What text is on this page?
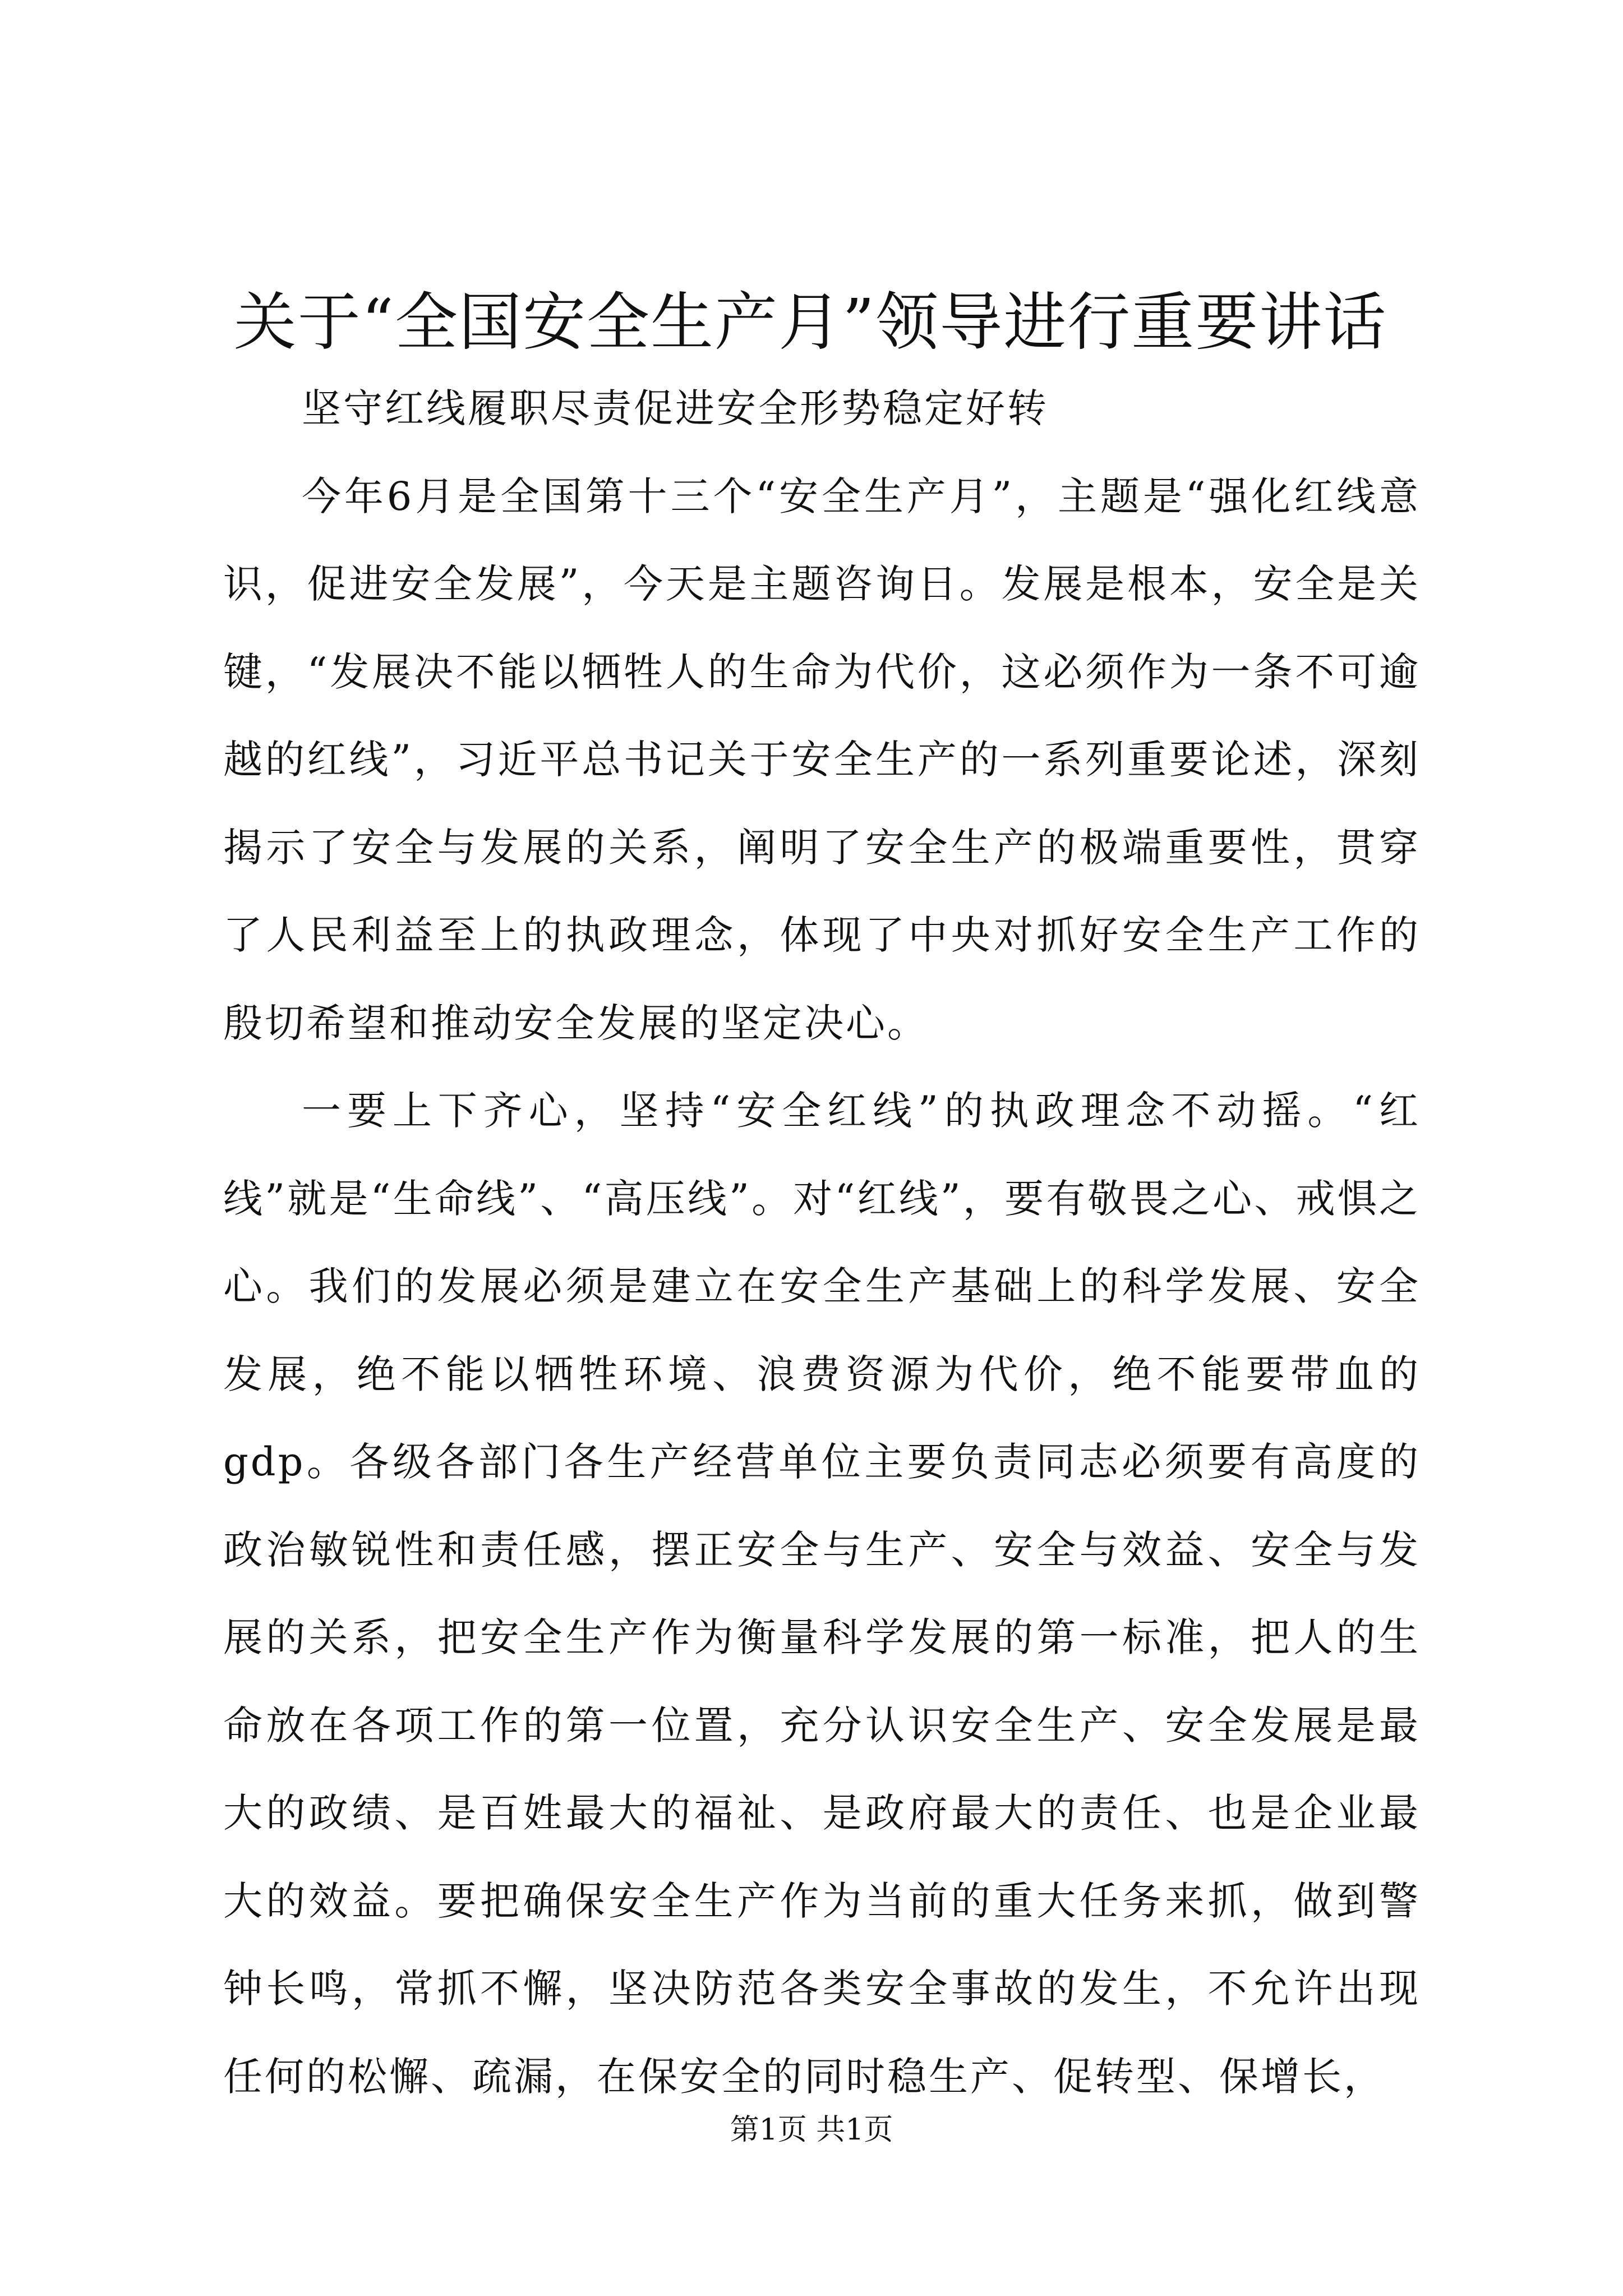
关于“全国安全生产月”领导进行重要讲话

坚守红线履职尽责促进安全形势稳定好转

今年6月是全国第十三个“安全生产月”，主题是“强化红线意识，促进安全发展”，今天是主题咨询日。发展是根本，安全是关键，“发展决不能以牺牲人的生命为代价，这必须作为一条不可逾越的红线”，习近平总书记关于安全生产的一系列重要论述，深刻揭示了安全与发展的关系，阐明了安全生产的极端重要性，贯穿了人民利益至上的执政理念，体现了中央对抓好安全生产工作的殷切希望和推动安全发展的坚定决心。

一要上下齐心，坚持“安全红线”的执政理念不动摇。“红线”就是“生命线”、“高压线”。对“红线”，要有敬畏之心、戒惧之心。我们的发展必须是建立在安全生产基础上的科学发展、安全发展，绝不能以牺牲环境、浪费资源为代价，绝不能要带血的gdp。各级各部门各生产经营单位主要负责同志必须要有高度的政治敏锐性和责任感，摆正安全与生产、安全与效益、安全与发展的关系，把安全生产作为衡量科学发展的第一标准，把人的生命放在各项工作的第一位置，充分认识安全生产、安全发展是最大的政绩、是百姓最大的福祉、是政府最大的责任、也是企业最大的效益。要把确保安全生产作为当前的重大任务来抓，做到警钟长鸣，常抓不懈，坚决防范各类安全事故的发生，不允许出现任何的松懈、疏漏，在保安全的同时稳生产、促转型、保增长，

第1页 共1页
